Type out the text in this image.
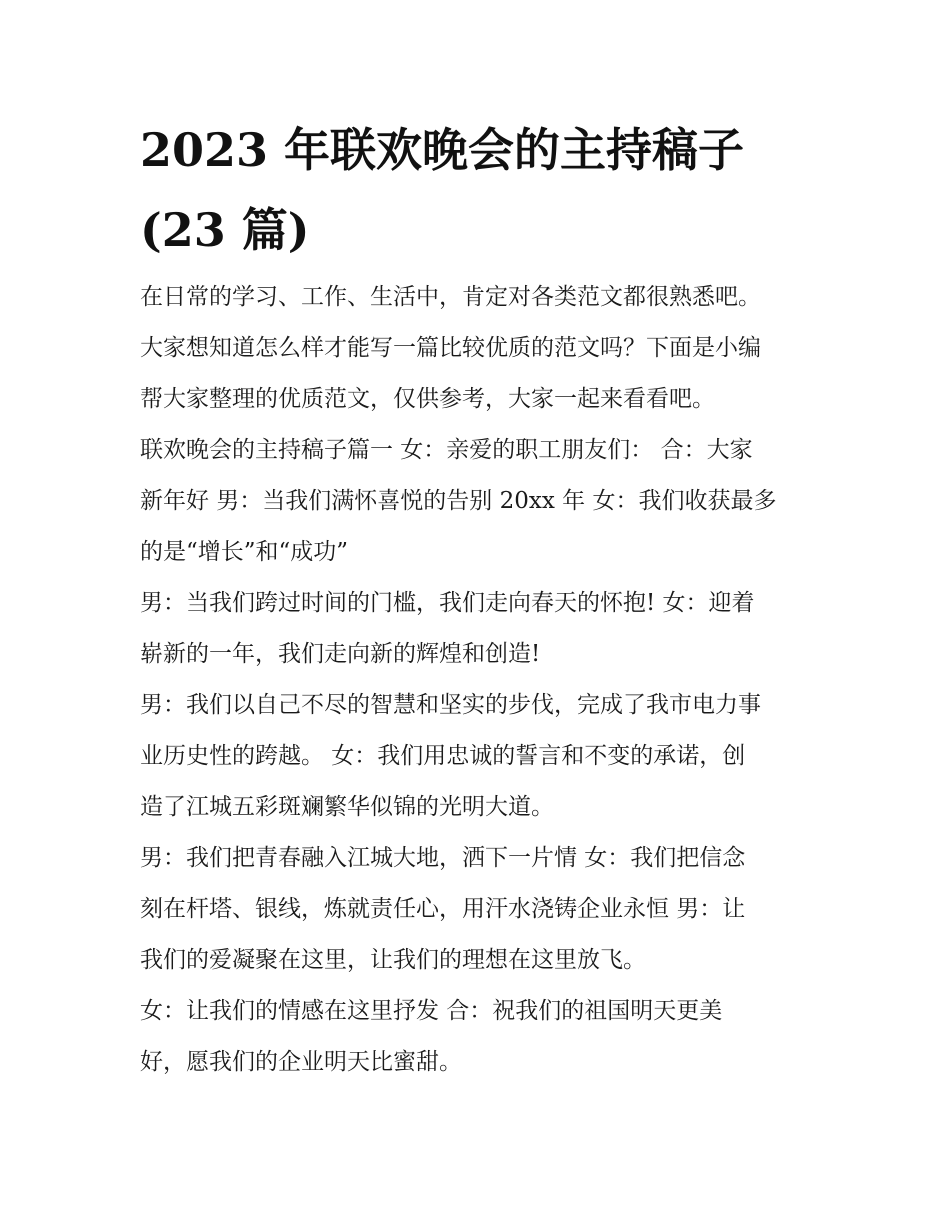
2023 年联欢晚会的主持稿子
(23 篇)

在日常的学习、工作、生活中，肯定对各类范文都很熟悉吧。
大家想知道怎么样才能写一篇比较优质的范文吗？下面是小编
帮大家整理的优质范文，仅供参考，大家一起来看看吧。

联欢晚会的主持稿子篇一 女：亲爱的职工朋友们： 合：大家
新年好 男：当我们满怀喜悦的告别 20xx 年 女：我们收获最多
的是“增长”和“成功”

男：当我们跨过时间的门槛，我们走向春天的怀抱! 女：迎着
崭新的一年，我们走向新的辉煌和创造!

男：我们以自己不尽的智慧和坚实的步伐，完成了我市电力事
业历史性的跨越。 女：我们用忠诚的誓言和不变的承诺，创
造了江城五彩斑斓繁华似锦的光明大道。

男：我们把青春融入江城大地，洒下一片情 女：我们把信念
刻在杆塔、银线，炼就责任心，用汗水浇铸企业永恒 男：让
我们的爱凝聚在这里，让我们的理想在这里放飞。

女：让我们的情感在这里抒发 合：祝我们的祖国明天更美
好，愿我们的企业明天比蜜甜。
